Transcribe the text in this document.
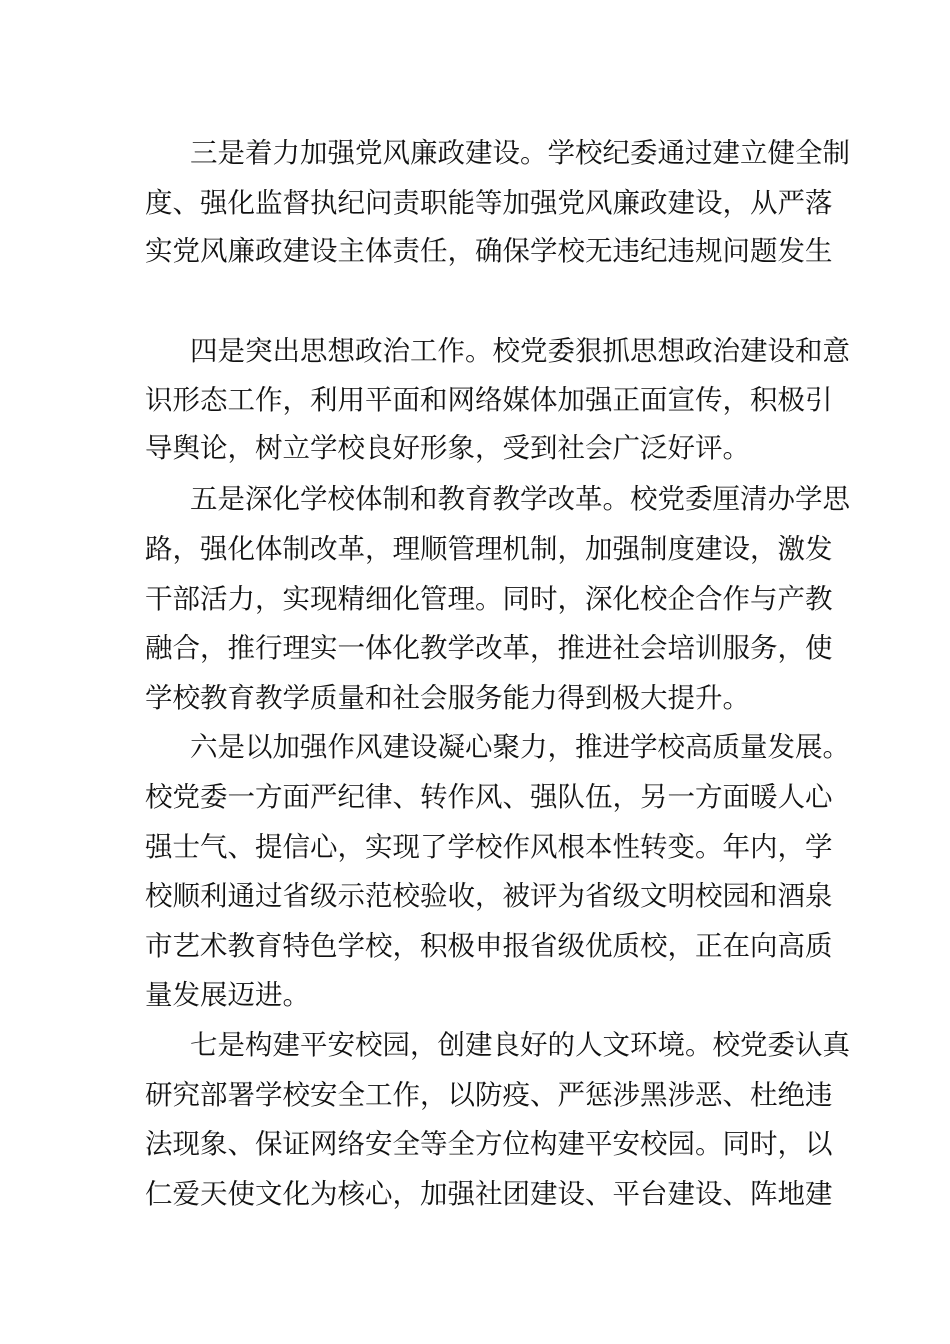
三是着力加强党风廉政建设。学校纪委通过建立健全制
度、强化监督执纪问责职能等加强党风廉政建设，从严落
实党风廉政建设主体责任，确保学校无违纪违规问题发生
四是突出思想政治工作。校党委狠抓思想政治建设和意
识形态工作，利用平面和网络媒体加强正面宣传，积极引
导舆论，树立学校良好形象，受到社会广泛好评。
五是深化学校体制和教育教学改革。校党委厘清办学思
路，强化体制改革，理顺管理机制，加强制度建设，激发
干部活力，实现精细化管理。同时，深化校企合作与产教
融合，推行理实一体化教学改革，推进社会培训服务，使
学校教育教学质量和社会服务能力得到极大提升。
六是以加强作风建设凝心聚力，推进学校高质量发展。
校党委一方面严纪律、转作风、强队伍，另一方面暖人心
强士气、提信心，实现了学校作风根本性转变。年内，学
校顺利通过省级示范校验收，被评为省级文明校园和酒泉
市艺术教育特色学校，积极申报省级优质校，正在向高质
量发展迈进。
七是构建平安校园，创建良好的人文环境。校党委认真
研究部署学校安全工作，以防疫、严惩涉黑涉恶、杜绝违
法现象、保证网络安全等全方位构建平安校园。同时，以
仁爱天使文化为核心，加强社团建设、平台建设、阵地建
